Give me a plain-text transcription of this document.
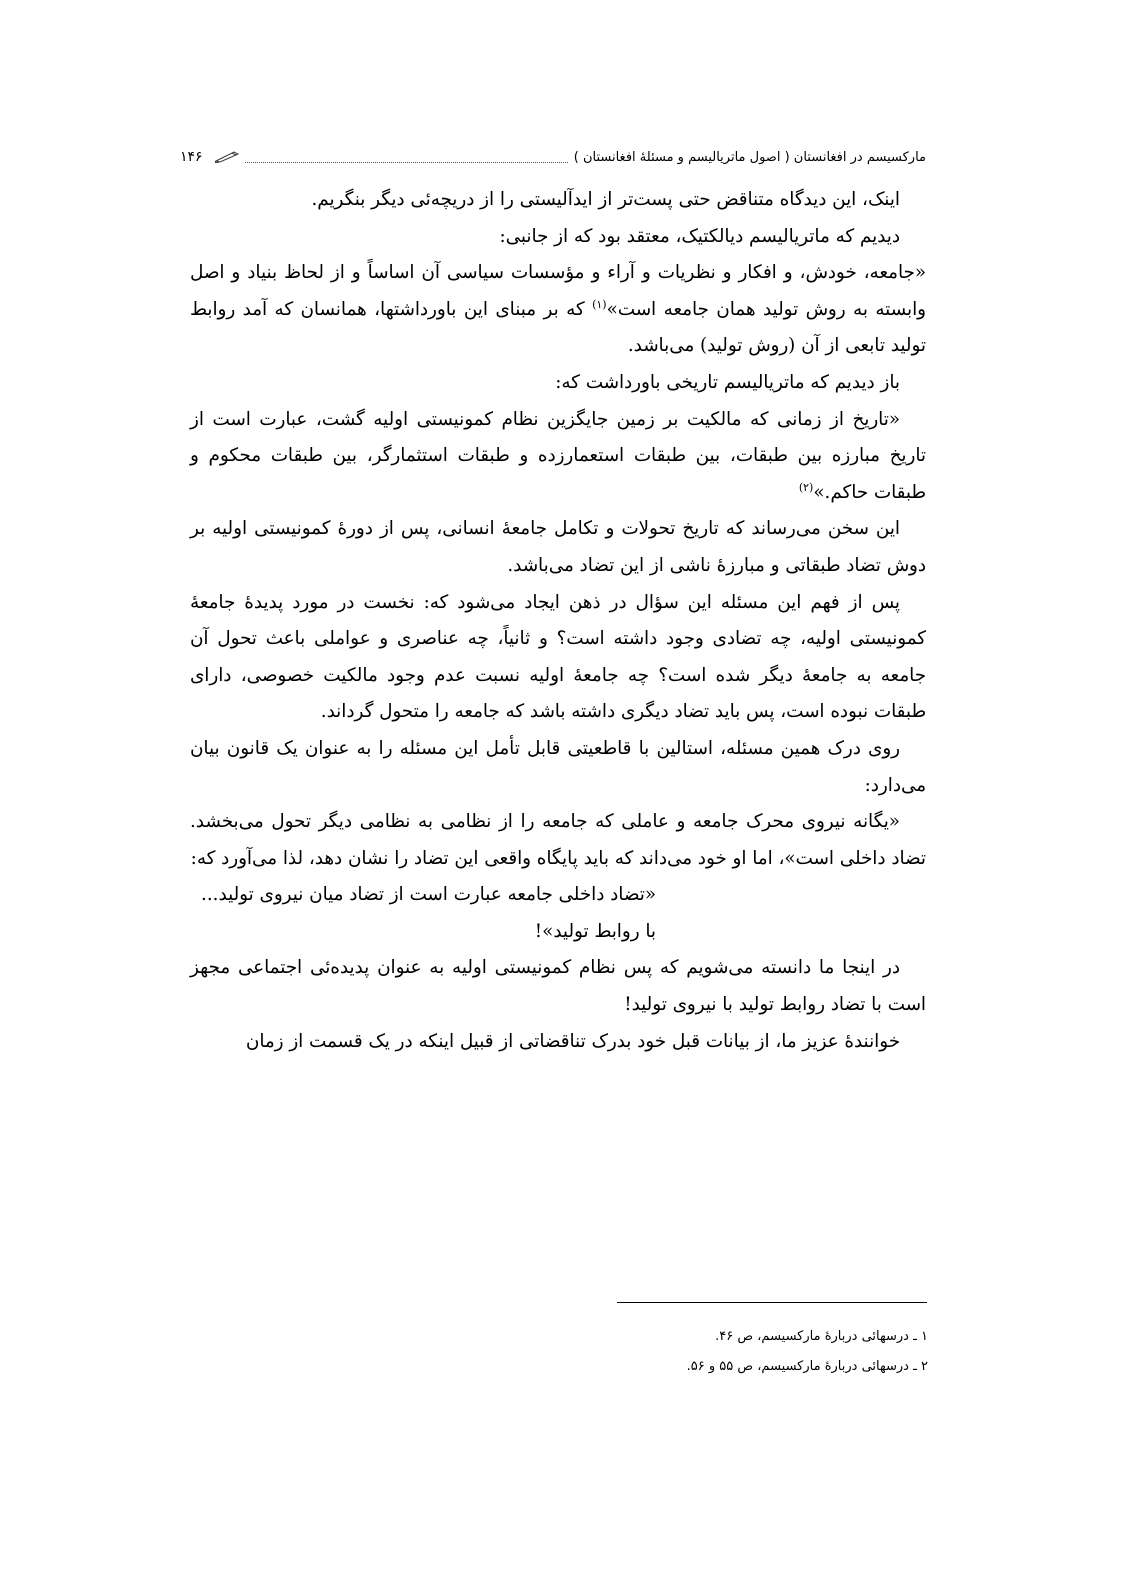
مارکسیسم در افغانستان ( اصول ماتریالیسم و مسئلهٔ افغانستان )
۱۴۶

اینک، این دیدگاه متناقض حتی پست‌تر از ایدآلیستی را از دریچه‌ئی دیگر بنگریم.

دیدیم که ماتریالیسم دیالکتیک، معتقد بود که از جانبی:

«جامعه، خودش، و افکار و نظریات و آراء و مؤسسات سیاسی آن اساساً و از لحاظ بنیاد و اصل وابسته به روش تولید همان جامعه است»$^{(۱)}$ که بر مبنای این باورداشتها، همانسان که آمد روابط تولید تابعی از آن (روش تولید) می‌باشد.

باز دیدیم که ماتریالیسم تاریخی باورداشت که:

«تاریخ از زمانی که مالکیت بر زمین جایگزین نظام کمونیستی اولیه گشت، عبارت است از تاریخ مبارزه بین طبقات، بین طبقات استعمارزده و طبقات استثمارگر، بین طبقات محکوم و طبقات حاکم.»$^{(۲)}$

این سخن می‌رساند که تاریخ تحولات و تکامل جامعهٔ انسانی، پس از دورهٔ کمونیستی اولیه بر دوش تضاد طبقاتی و مبارزهٔ ناشی از این تضاد می‌باشد.

پس از فهم این مسئله این سؤال در ذهن ایجاد می‌شود که: نخست در مورد پدیدهٔ جامعهٔ کمونیستی اولیه، چه تضادی وجود داشته است؟ و ثانیاً، چه عناصری و عواملی باعث تحول آن جامعه به جامعهٔ دیگر شده است؟ چه جامعهٔ اولیه نسبت عدم وجود مالکیت خصوصی، دارای طبقات نبوده است، پس باید تضاد دیگری داشته باشد که جامعه را متحول گرداند.

روی درک همین مسئله، استالین با قاطعیتی قابل تأمل این مسئله را به عنوان یک قانون بیان می‌دارد:

«یگانه نیروی محرک جامعه و عاملی که جامعه را از نظامی به نظامی دیگر تحول می‌بخشد. تضاد داخلی است»، اما او خود می‌داند که باید پایگاه واقعی این تضاد را نشان دهد، لذا می‌آورد که:

«تضاد داخلی جامعه عبارت است از تضاد میان نیروی تولید... با روابط تولید»!

در اینجا ما دانسته می‌شویم که پس نظام کمونیستی اولیه به عنوان پدیده‌ئی اجتماعی مجهز است با تضاد روابط تولید با نیروی تولید!

خوانندهٔ عزیز ما، از بیانات قبل خود بدرک تناقضاتی از قبیل اینکه در یک قسمت از زمان

۱ ـ درسهائی دربارهٔ مارکسیسم، ص ۴۶.

۲ ـ درسهائی دربارهٔ مارکسیسم، ص ۵۵ و ۵۶.
